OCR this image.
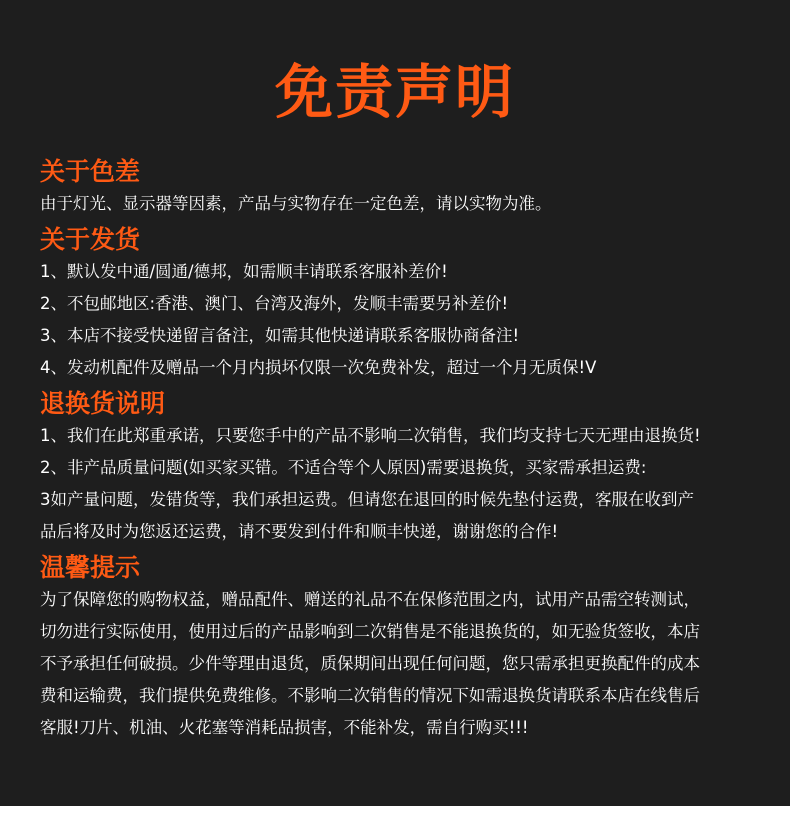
免责声明
关于色差
由于灯光、显示器等因素，产品与实物存在一定色差，请以实物为准。
关于发货
1、默认发中通/圆通/德邦，如需顺丰请联系客服补差价!
2、不包邮地区:香港、澳门、台湾及海外，发顺丰需要另补差价!
3、本店不接受快递留言备注，如需其他快递请联系客服协商备注!
4、发动机配件及赠品一个月内损坏仅限一次免费补发，超过一个月无质保!V
退换货说明
1、我们在此郑重承诺，只要您手中的产品不影响二次销售，我们均支持七天无理由退换货!
2、非产品质量问题(如买家买错。不适合等个人原因)需要退换货，买家需承担运费:
3如产量问题，发错货等，我们承担运费。但请您在退回的时候先垫付运费，客服在收到产
品后将及时为您返还运费，请不要发到付件和顺丰快递，谢谢您的合作!
温馨提示
为了保障您的购物权益，赠品配件、赠送的礼品不在保修范围之内，试用产品需空转测试，
切勿进行实际使用，使用过后的产品影响到二次销售是不能退换货的，如无验货签收，本店
不予承担任何破损。少件等理由退货，质保期间出现任何问题，您只需承担更换配件的成本
费和运输费，我们提供免费维修。不影响二次销售的情况下如需退换货请联系本店在线售后
客服!刀片、机油、火花塞等消耗品损害，不能补发，需自行购买!!!
